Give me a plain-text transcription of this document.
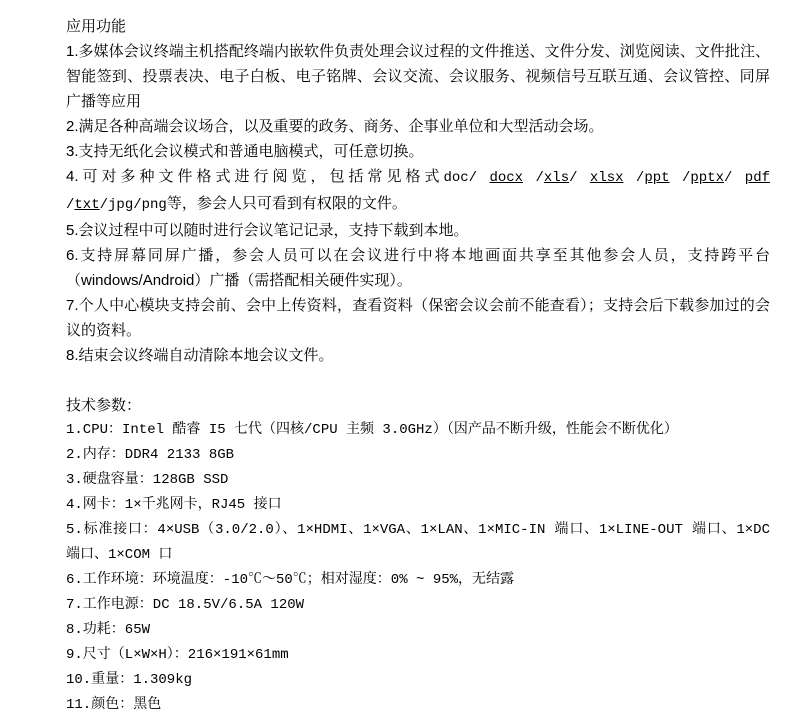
应用功能

1.多媒体会议终端主机搭配终端内嵌软件负责处理会议过程的文件推送、文件分发、浏览阅读、文件批注、智能签到、投票表决、电子白板、电子铭牌、会议交流、会议服务、视频信号互联互通、会议管控、同屏广播等应用

2.满足各种高端会议场合，以及重要的政务、商务、企事业单位和大型活动会场。

3.支持无纸化会议模式和普通电脑模式，可任意切换。

4.可对多种文件格式进行阅览，包括常见格式doc/ docx /xls/ xlsx /ppt /pptx/ pdf /txt/jpg/png等，参会人只可看到有权限的文件。

5.会议过程中可以随时进行会议笔记记录，支持下载到本地。

6.支持屏幕同屏广播，参会人员可以在会议进行中将本地画面共享至其他参会人员，支持跨平台（windows/Android）广播（需搭配相关硬件实现）。

7.个人中心模块支持会前、会中上传资料，查看资料（保密会议会前不能查看）；支持会后下载参加过的会议的资料。

8.结束会议终端自动清除本地会议文件。

技术参数：

1.CPU：Intel 酷睿 I5 七代（四核/CPU 主频 3.0GHz）（因产品不断升级，性能会不断优化）

2.内存：DDR4 2133 8GB

3.硬盘容量：128GB SSD

4.网卡：1×千兆网卡，RJ45 接口

5.标准接口：4×USB（3.0/2.0）、1×HDMI、1×VGA、1×LAN、1×MIC-IN 端口、1×LINE-OUT 端口、1×DC 端口、1×COM 口

6.工作环境：环境温度：-10℃～50℃；相对湿度：0% ~ 95%，无结露

7.工作电源：DC 18.5V/6.5A 120W

8.功耗：65W

9.尺寸（L×W×H）：216×191×61mm

10.重量：1.309kg

11.颜色：黑色
